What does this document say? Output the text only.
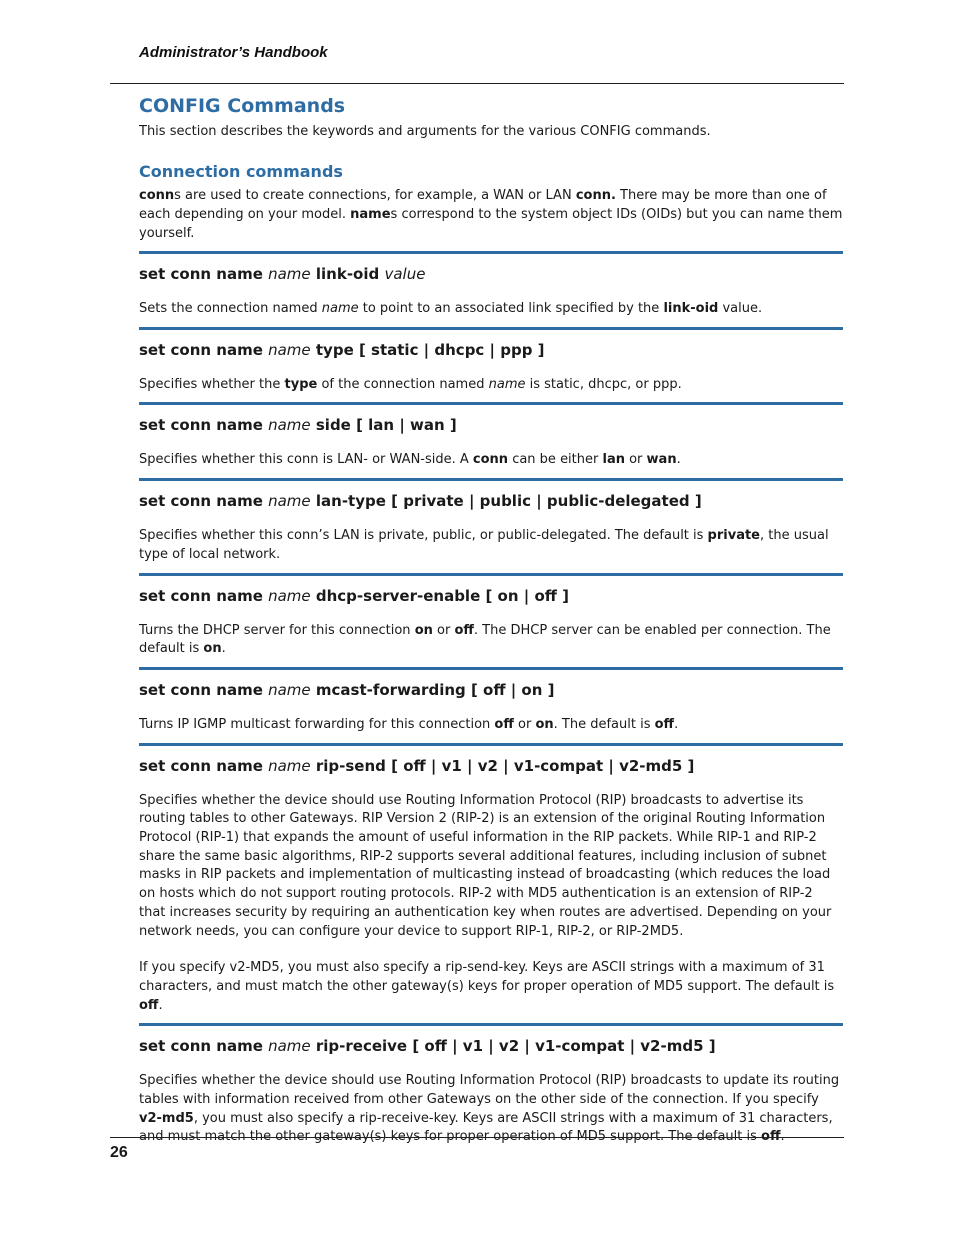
Administrator’s Handbook
CONFIG Commands

This section describes the keywords and arguments for the various CONFIG commands.

Connection commands

conns are used to create connections, for example, a WAN or LAN conn. There may be more than one of each depending on your model. names correspond to the system object IDs (OIDs) but you can name them yourself.

set conn name name link-oid value

Sets the connection named name to point to an associated link specified by the link-oid value.

set conn name name type [ static | dhcpc | ppp ]

Specifies whether the type of the connection named name is static, dhcpc, or ppp.

set conn name name side [ lan | wan ]

Specifies whether this conn is LAN- or WAN-side. A conn can be either lan or wan.

set conn name name lan-type [ private | public | public-delegated ]

Specifies whether this conn’s LAN is private, public, or public-delegated. The default is private, the usual type of local network.

set conn name name dhcp-server-enable [ on | off ]

Turns the DHCP server for this connection on or off. The DHCP server can be enabled per connection. The default is on.

set conn name name mcast-forwarding [ off | on ]

Turns IP IGMP multicast forwarding for this connection off or on. The default is off.

set conn name name rip-send [ off | v1 | v2 | v1-compat | v2-md5 ]

Specifies whether the device should use Routing Information Protocol (RIP) broadcasts to advertise its routing tables to other Gateways. RIP Version 2 (RIP-2) is an extension of the original Routing Information Protocol (RIP-1) that expands the amount of useful information in the RIP packets. While RIP-1 and RIP-2 share the same basic algorithms, RIP-2 supports several additional features, including inclusion of subnet masks in RIP packets and implementation of multicasting instead of broadcasting (which reduces the load on hosts which do not support routing protocols. RIP-2 with MD5 authentication is an extension of RIP-2 that increases security by requiring an authentication key when routes are advertised. Depending on your network needs, you can configure your device to support RIP-1, RIP-2, or RIP-2MD5.

If you specify v2-MD5, you must also specify a rip-send-key. Keys are ASCII strings with a maximum of 31 characters, and must match the other gateway(s) keys for proper operation of MD5 support. The default is off.

set conn name name rip-receive [ off | v1 | v2 | v1-compat | v2-md5 ]

Specifies whether the device should use Routing Information Protocol (RIP) broadcasts to update its routing tables with information received from other Gateways on the other side of the connection. If you specify v2-md5, you must also specify a rip-receive-key. Keys are ASCII strings with a maximum of 31 characters, and must match the other gateway(s) keys for proper operation of MD5 support. The default is off.

26
